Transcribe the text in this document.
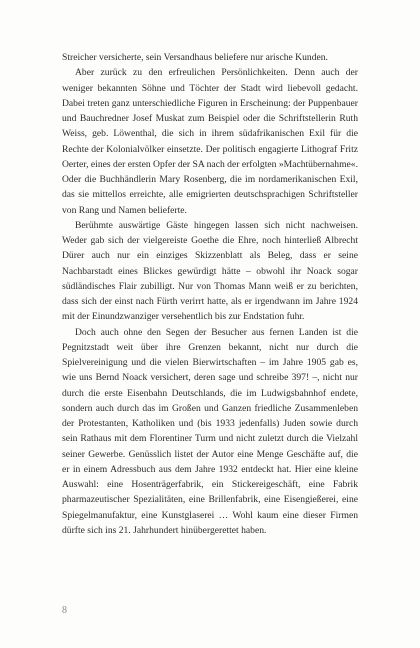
Streicher versicherte, sein Versandhaus beliefere nur arische Kunden.

Aber zurück zu den erfreulichen Persönlichkeiten. Denn auch der weniger bekannten Söhne und Töchter der Stadt wird liebevoll gedacht. Dabei treten ganz unterschiedliche Figuren in Erscheinung: der Puppenbauer und Bauchredner Josef Muskat zum Beispiel oder die Schriftstellerin Ruth Weiss, geb. Löwenthal, die sich in ihrem südafrikanischen Exil für die Rechte der Kolonialvölker einsetzte. Der politisch engagierte Lithograf Fritz Oerter, eines der ersten Opfer der SA nach der erfolgten »Machtübernahme«. Oder die Buchhändlerin Mary Rosenberg, die im nordamerikanischen Exil, das sie mittellos erreichte, alle emigrierten deutschsprachigen Schriftsteller von Rang und Namen belieferte.

Berühmte auswärtige Gäste hingegen lassen sich nicht nachweisen. Weder gab sich der vielgereiste Goethe die Ehre, noch hinterließ Albrecht Dürer auch nur ein einziges Skizzenblatt als Beleg, dass er seine Nachbarstadt eines Blickes gewürdigt hätte – obwohl ihr Noack sogar südländisches Flair zubilligt. Nur von Thomas Mann weiß er zu berichten, dass sich der einst nach Fürth verirrt hatte, als er irgendwann im Jahre 1924 mit der Einundzwanziger versehentlich bis zur Endstation fuhr.

Doch auch ohne den Segen der Besucher aus fernen Landen ist die Pegnitzstadt weit über ihre Grenzen bekannt, nicht nur durch die Spielvereinigung und die vielen Bierwirtschaften – im Jahre 1905 gab es, wie uns Bernd Noack versichert, deren sage und schreibe 397! –, nicht nur durch die erste Eisenbahn Deutschlands, die im Ludwigsbahnhof endete, sondern auch durch das im Großen und Ganzen friedliche Zusammenleben der Protestanten, Katholiken und (bis 1933 jedenfalls) Juden sowie durch sein Rathaus mit dem Florentiner Turm und nicht zuletzt durch die Vielzahl seiner Gewerbe. Genüsslich listet der Autor eine Menge Geschäfte auf, die er in einem Adressbuch aus dem Jahre 1932 entdeckt hat. Hier eine kleine Auswahl: eine Hosenträgerfabrik, ein Stickereigeschäft, eine Fabrik pharmazeutischer Spezialitäten, eine Brillenfabrik, eine Eisengießerei, eine Spiegelmanufaktur, eine Kunstglaserei … Wohl kaum eine dieser Firmen dürfte sich ins 21. Jahrhundert hinübergerettet haben.

8
